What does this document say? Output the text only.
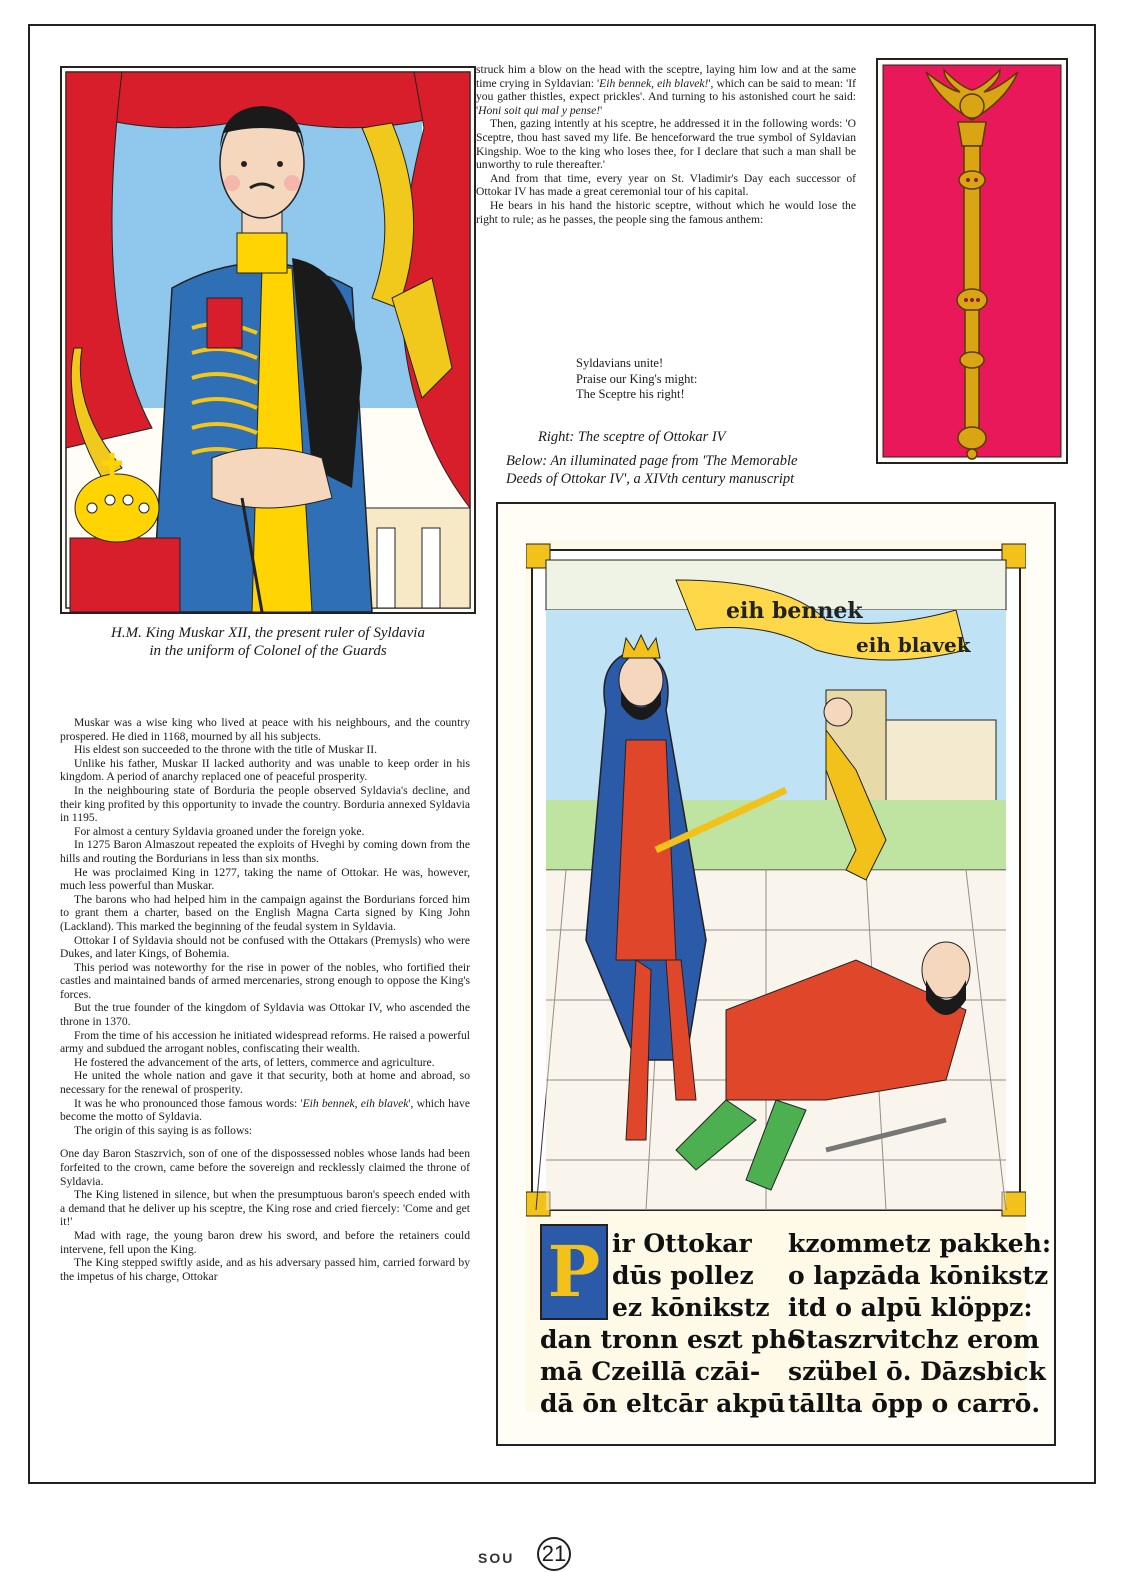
H.M. King Muskar XII, the present ruler of Syldavia
in the uniform of Colonel of the Guards

Muskar was a wise king who lived at peace with his neighbours, and the country prospered. He died in 1168, mourned by all his subjects.

His eldest son succeeded to the throne with the title of Muskar II.

Unlike his father, Muskar II lacked authority and was unable to keep order in his kingdom. A period of anarchy replaced one of peaceful prosperity.

In the neighbouring state of Borduria the people observed Syldavia's decline, and their king profited by this opportunity to invade the country. Borduria annexed Syldavia in 1195.

For almost a century Syldavia groaned under the foreign yoke.

In 1275 Baron Almaszout repeated the exploits of Hveghi by coming down from the hills and routing the Bordurians in less than six months.

He was proclaimed King in 1277, taking the name of Ottokar. He was, however, much less powerful than Muskar.

The barons who had helped him in the campaign against the Bordurians forced him to grant them a charter, based on the English Magna Carta signed by King John (Lackland). This marked the beginning of the feudal system in Syldavia.

Ottokar I of Syldavia should not be confused with the Ottakars (Premysls) who were Dukes, and later Kings, of Bohemia.

This period was noteworthy for the rise in power of the nobles, who fortified their castles and maintained bands of armed mercenaries, strong enough to oppose the King's forces.

But the true founder of the kingdom of Syldavia was Ottokar IV, who ascended the throne in 1370.

From the time of his accession he initiated widespread reforms. He raised a powerful army and subdued the arrogant nobles, confiscating their wealth.

He fostered the advancement of the arts, of letters, commerce and agriculture.

He united the whole nation and gave it that security, both at home and abroad, so necessary for the renewal of prosperity.

It was he who pronounced those famous words: 'Eih bennek, eih blavek', which have become the motto of Syldavia.

The origin of this saying is as follows:

One day Baron Staszrvich, son of one of the dispossessed nobles whose lands had been forfeited to the crown, came before the sovereign and recklessly claimed the throne of Syldavia.

The King listened in silence, but when the presumptuous baron's speech ended with a demand that he deliver up his sceptre, the King rose and cried fiercely: 'Come and get it!'

Mad with rage, the young baron drew his sword, and before the retainers could intervene, fell upon the King.

The King stepped swiftly aside, and as his adversary passed him, carried forward by the impetus of his charge, Ottokar

struck him a blow on the head with the sceptre, laying him low and at the same time crying in Syldavian: 'Eih bennek, eih blavek!', which can be said to mean: 'If you gather thistles, expect prickles'. And turning to his astonished court he said: 'Honi soit qui mal y pense!'

Then, gazing intently at his sceptre, he addressed it in the following words: 'O Sceptre, thou hast saved my life. Be henceforward the true symbol of Syldavian Kingship. Woe to the king who loses thee, for I declare that such a man shall be unworthy to rule thereafter.'

And from that time, every year on St. Vladimir's Day each successor of Ottokar IV has made a great ceremonial tour of his capital.

He bears in his hand the historic sceptre, without which he would lose the right to rule; as he passes, the people sing the famous anthem:

Syldavians unite!
Praise our King's might:
The Sceptre his right!
Right: The sceptre of Ottokar IV
Below: An illuminated page from 'The Memorable
Deeds of Ottokar IV', a XIVth century manuscript
eih bennek
eih blavek
P ir Ottokar
dūs pollez
ez kōnikstz
dan tronn eszt pho
mā Czeillā czāi-
dā ōn eltcār akpū
kzommetz pakkeh:
o lapzāda kōnikstz
itd o alpū klöppz:
Staszrvitchz erom
szübel ō. Dāzsbick
tāllta ōpp o carrō.
SOU 21
